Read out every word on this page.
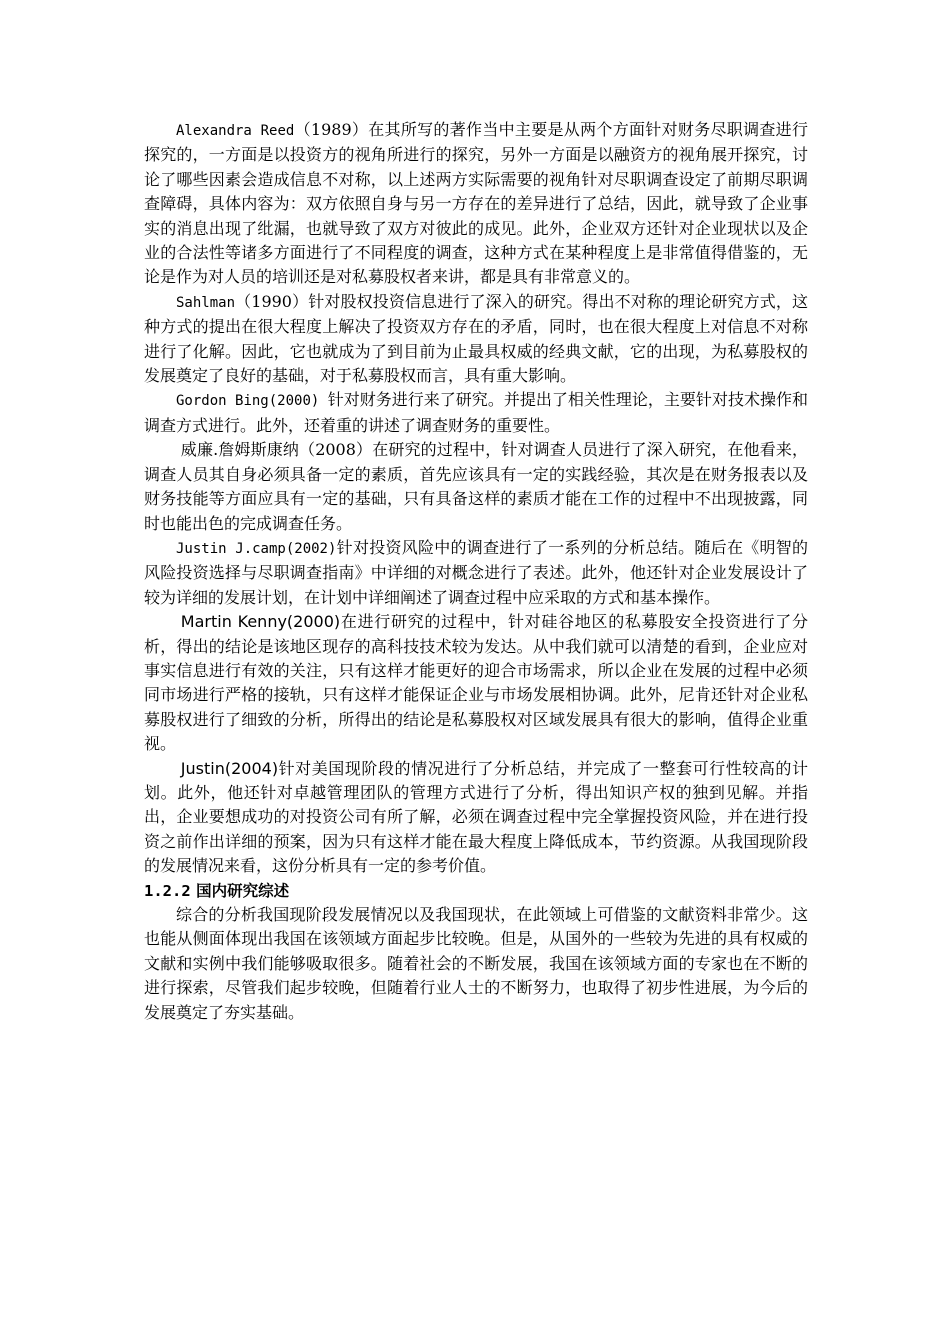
Alexandra Reed（1989）在其所写的著作当中主要是从两个方面针对财务尽职调查进行探究的，一方面是以投资方的视角所进行的探究，另外一方面是以融资方的视角展开探究，讨论了哪些因素会造成信息不对称，以上述两方实际需要的视角针对尽职调查设定了前期尽职调查障碍，具体内容为：双方依照自身与另一方存在的差异进行了总结，因此，就导致了企业事实的消息出现了纰漏，也就导致了双方对彼此的成见。此外，企业双方还针对企业现状以及企业的合法性等诸多方面进行了不同程度的调查，这种方式在某种程度上是非常值得借鉴的，无论是作为对人员的培训还是对私募股权者来讲，都是具有非常意义的。

Sahlman（1990）针对股权投资信息进行了深入的研究。得出不对称的理论研究方式，这种方式的提出在很大程度上解决了投资双方存在的矛盾，同时，也在很大程度上对信息不对称进行了化解。因此，它也就成为了到目前为止最具权威的经典文献，它的出现，为私募股权的发展奠定了良好的基础，对于私募股权而言，具有重大影响。

Gordon Bing(2000) 针对财务进行来了研究。并提出了相关性理论，主要针对技术操作和调查方式进行。此外，还着重的讲述了调查财务的重要性。

威廉.詹姆斯康纳（2008）在研究的过程中，针对调查人员进行了深入研究，在他看来，调查人员其自身必须具备一定的素质，首先应该具有一定的实践经验，其次是在财务报表以及财务技能等方面应具有一定的基础，只有具备这样的素质才能在工作的过程中不出现披露，同时也能出色的完成调查任务。

Justin J.camp(2002)针对投资风险中的调查进行了一系列的分析总结。随后在《明智的风险投资选择与尽职调查指南》中详细的对概念进行了表述。此外，他还针对企业发展设计了较为详细的发展计划，在计划中详细阐述了调查过程中应采取的方式和基本操作。

Martin Kenny(2000)在进行研究的过程中，针对硅谷地区的私募股安全投资进行了分析，得出的结论是该地区现存的高科技技术较为发达。从中我们就可以清楚的看到，企业应对事实信息进行有效的关注，只有这样才能更好的迎合市场需求，所以企业在发展的过程中必须同市场进行严格的接轨，只有这样才能保证企业与市场发展相协调。此外，尼肯还针对企业私募股权进行了细致的分析，所得出的结论是私募股权对区域发展具有很大的影响，值得企业重视。

Justin(2004)针对美国现阶段的情况进行了分析总结，并完成了一整套可行性较高的计划。此外，他还针对卓越管理团队的管理方式进行了分析，得出知识产权的独到见解。并指出，企业要想成功的对投资公司有所了解，必须在调查过程中完全掌握投资风险，并在进行投资之前作出详细的预案，因为只有这样才能在最大程度上降低成本，节约资源。从我国现阶段的发展情况来看，这份分析具有一定的参考价值。

1.2.2 国内研究综述

综合的分析我国现阶段发展情况以及我国现状，在此领域上可借鉴的文献资料非常少。这也能从侧面体现出我国在该领域方面起步比较晚。但是，从国外的一些较为先进的具有权威的文献和实例中我们能够吸取很多。随着社会的不断发展，我国在该领域方面的专家也在不断的进行探索，尽管我们起步较晚，但随着行业人士的不断努力，也取得了初步性进展，为今后的发展奠定了夯实基础。
